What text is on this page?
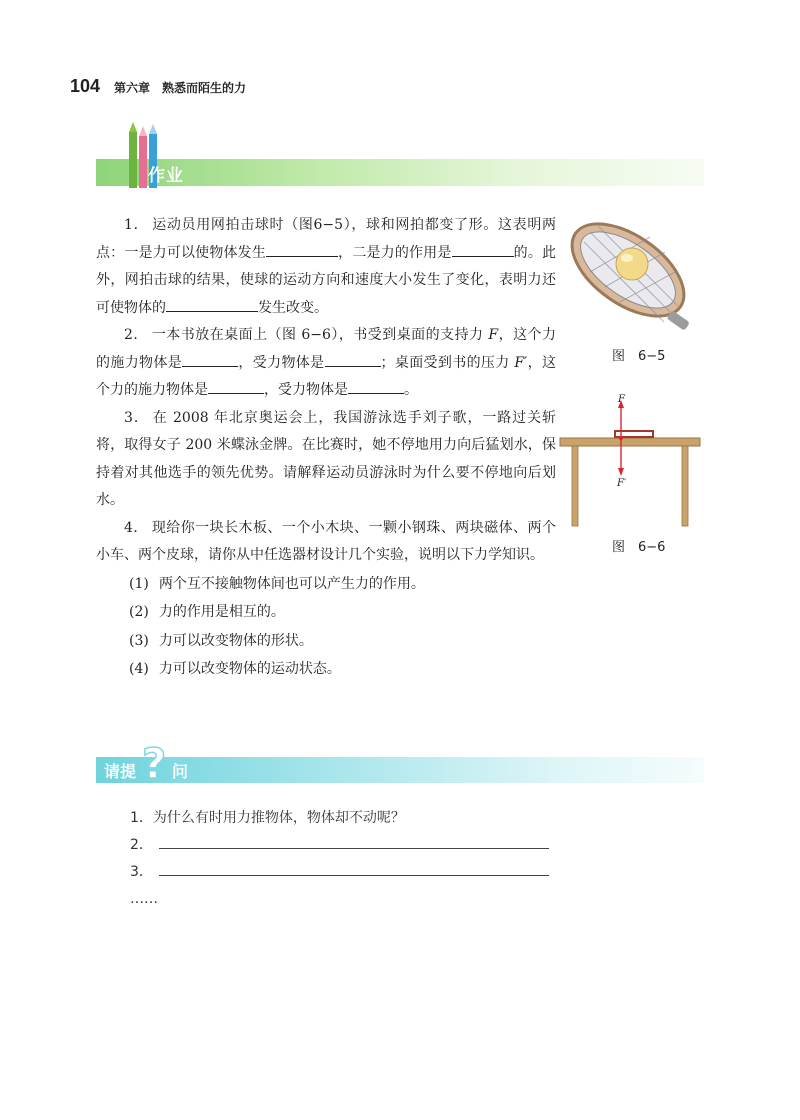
104 第六章　熟悉而陌生的力
作业

1． 运动员用网拍击球时（图6−5），球和网拍都变了形。这表明两点：一是力可以使物体发生	，二是力的作用是	的。此外，网拍击球的结果，使球的运动方向和速度大小发生了变化，表明力还可使物体的	发生改变。

2． 一本书放在桌面上（图 6−6），书受到桌面的支持力 F，这个力的施力物体是	，受力物体是	；桌面受到书的压力 F′，这个力的施力物体是	，受力物体是	。

3． 在 2008 年北京奥运会上，我国游泳选手刘子歌，一路过关斩将，取得女子 200 米蝶泳金牌。在比赛时，她不停地用力向后猛划水，保持着对其他选手的领先优势。请解释运动员游泳时为什么要不停地向后划水。

4． 现给你一块长木板、一个小木块、一颗小钢珠、两块磁体、两个小车、两个皮球，请你从中任选器材设计几个实验，说明以下力学知识。

(1) 两个互不接触物体间也可以产生力的作用。

(2) 力的作用是相互的。

(3) 力可以改变物体的形状。

(4) 力可以改变物体的运动状态。

图　6−5
F
F′
图　6−6
请提 ? 问

1．为什么有时用力推物体，物体却不动呢？

2．

3．

……
